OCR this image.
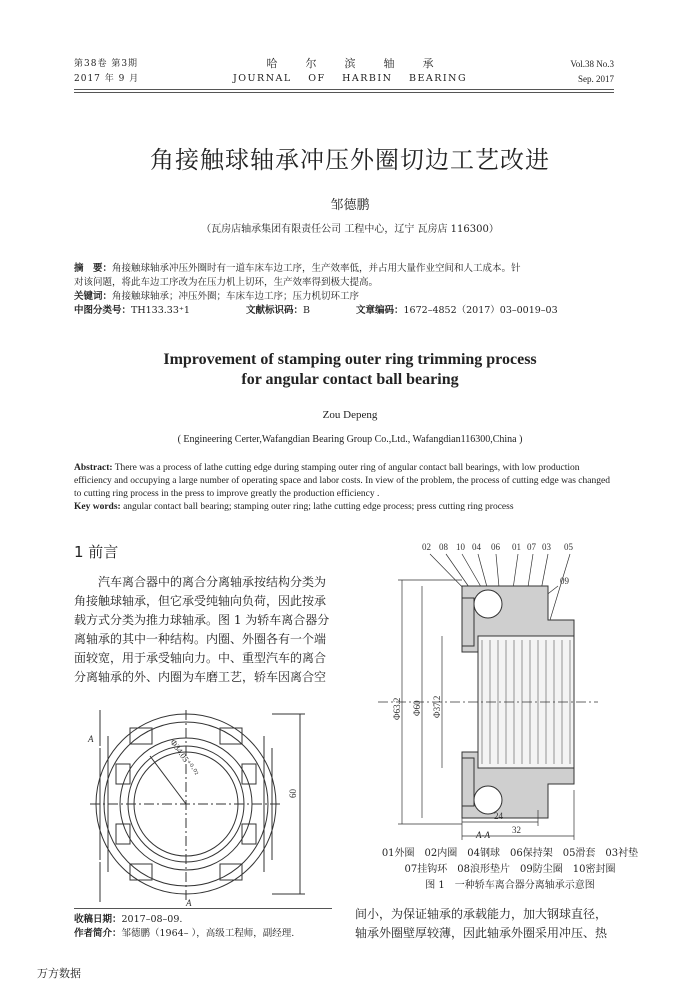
第38卷 第3期
2017 年 9 月
哈尔滨轴承
JOURNAL OF HARBIN BEARING
Vol.38 No.3
Sep. 2017
角接触球轴承冲压外圈切边工艺改进
邹德鹏
（瓦房店轴承集团有限责任公司 工程中心，辽宁 瓦房店 116300）
摘　要：角接触球轴承冲压外圈时有一道车床车边工序，生产效率低，并占用大量作业空间和人工成本。针
对该问题，将此车边工序改为在压力机上切环，生产效率得到极大提高。
关键词：角接触球轴承；冲压外圈；车床车边工序；压力机切环工序
中图分类号：TH133.33⁺1	文献标识码：B	文章编码：1672–4852（2017）03–0019–03
Improvement of stamping outer ring trimming process
for angular contact ball bearing
Zou Depeng
( Engineering Certer,Wafangdian Bearing Group Co.,Ltd., Wafangdian116300,China )
Abstract: There was a process of lathe cutting edge during stamping outer ring of angular contact ball bearings, with low production efficiency and occupying a large number of operating space and labor costs. In view of the problem, the process of cutting edge was changed to cutting ring process in the press to improve greatly the production efficiency .
Key words: angular contact ball bearing; stamping outer ring; lathe cutting edge process; press cutting ring process
1 前言
汽车离合器中的离合分离轴承按结构分类为
角接触球轴承，但它承受纯轴向负荷，因此按承
载方式分类为推力球轴承。图 1 为轿车离合器分
离轴承的其中一种结构。内圈、外圈各有一个端
面较宽，用于承受轴向力。中、重型汽车的离合
分离轴承的外、内圈为车磨工艺，轿车因离合空
A
A
Φ34.05⁺⁰·⁰²
60
02 08 10 04 06 01 07 03 05
09
Φ63.2 Φ60 Φ37.2
24
32
A-A
01外圈　02内圈　04钢球　06保持架　05滑套　03衬垫
07挂钩环　08浪形垫片　09防尘圈　10密封圈
图 1　一种轿车离合器分离轴承示意图
间小，为保证轴承的承载能力，加大钢球直径，
轴承外圈壁厚较薄，因此轴承外圈采用冲压、热
收稿日期：2017–08–09.
作者简介：邹德鹏（1964– ），高级工程师，副经理.
万方数据
